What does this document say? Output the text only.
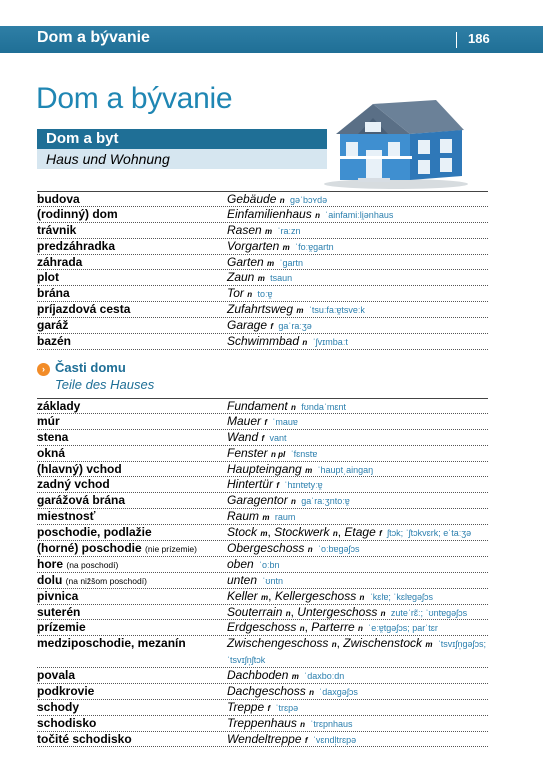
Dom a bývanie	186
Dom a bývanie
Dom a byt
Haus und Wohnung
budova	Gebäude n gəˈbɔʏdə
(rodinný) dom	Einfamilienhaus n ˈainfamiːli̯ənhaus
trávnik	Rasen m ˈraːzn
predzáhradka	Vorgarten m ˈfoːɐ̯gartn
záhrada	Garten m ˈgartn
plot	Zaun m tsaun
brána	Tor n toːɐ̯
príjazdová cesta	Zufahrtsweg m ˈtsuːfaːɐ̯tsveːk
garáž	Garage f gaˈraːʒə
bazén	Schwimmbad n ˈʃvɪmbaːt
› Časti domu
Teile des Hauses
základy	Fundament n fʊndaˈmɛnt
múr	Mauer f ˈmauɐ
stena	Wand f vant
okná	Fenster n pl ˈfɛnstɐ
(hlavný) vchod	Haupteingang m ˈhauptˌaingaŋ
zadný vchod	Hintertür f ˈhɪntɐtyːɐ̯
garážová brána	Garagentor n gaˈraːʒntoːɐ̯
miestnosť	Raum m raum
poschodie, podlažie	Stock m, Stockwerk n, Etage f ʃtɔk; ˈʃtɔkvɛrk; eˈtaːʒə
(horné) poschodie (nie prízemie)	Obergeschoss n ˈoːbɐgəʃɔs
hore (na poschodí)	oben ˈoːbn
dolu (na nižšom poschodí)	unten ˈʊntn
pivnica	Keller m, Kellergeschoss n ˈkɛlɐ; ˈkɛlɐgəʃɔs
suterén	Souterrain n, Untergeschoss n zuteˈrɛ̃ː; ˈʊntɐgəʃɔs
prízemie	Erdgeschoss n, Parterre n ˈeːɐ̯tgəʃɔs; parˈtɛr
medziposchodie, mezanín	Zwischengeschoss n, Zwischenstock m ˈtsvɪʃn̩gəʃɔs; ˈtsvɪʃn̩ʃtɔk
povala	Dachboden m ˈdaxboːdn
podkrovie	Dachgeschoss n ˈdaxgəʃɔs
schody	Treppe f ˈtrɛpə
schodisko	Treppenhaus n ˈtrɛpnhaus
točité schodisko	Wendeltreppe f ˈvɛndl̩trɛpə
